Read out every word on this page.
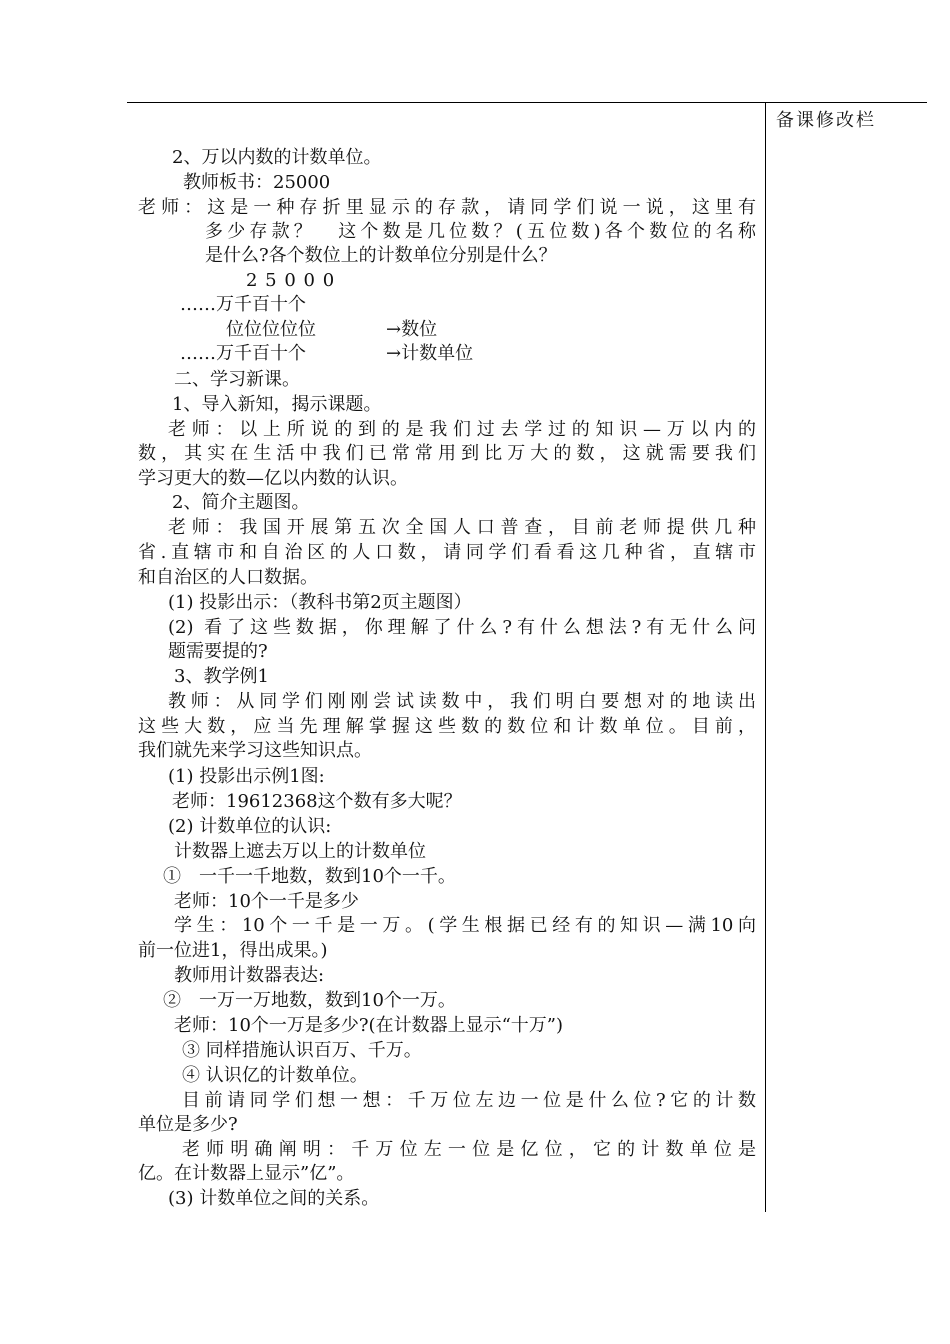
备课修改栏
2、万以内数的计数单位。
教师板书：25000
老师：这是一种存折里显示的存款，请同学们说一说，这里有
多少存款？　这个数是几位数？(五位数)各个数位的名称
是什么?各个数位上的计数单位分别是什么？
2 5 0 0 0
……万千百十个
位位位位位	→数位
……万千百十个	→计数单位
二、学习新课。
1、导入新知，揭示课题。
老师：以上所说的到的是我们过去学过的知识—万以内的
数，其实在生活中我们已常常用到比万大的数，这就需要我们
学习更大的数—亿以内数的认识。
2、简介主题图。
老师：我国开展第五次全国人口普查，目前老师提供几种
省.直辖市和自治区的人口数，请同学们看看这几种省，直辖市
和自治区的人口数据。
(1) 投影出示：（教科书第2页主题图）
(2) 看了这些数据，你理解了什么?有什么想法?有无什么问
题需要提的?
3、教学例1
教师：从同学们刚刚尝试读数中，我们明白要想对的地读出
这些大数，应当先理解掌握这些数的数位和计数单位。目前，
我们就先来学习这些知识点。
(1) 投影出示例1图:
老师：19612368这个数有多大呢？
(2) 计数单位的认识:
计数器上遮去万以上的计数单位
①　一千一千地数，数到10个一千。
老师：10个一千是多少
学生：10个一千是一万。(学生根据已经有的知识—满10向
前一位进1，得出成果。)
教师用计数器表达:
②　一万一万地数，数到10个一万。
老师：10个一万是多少?(在计数器上显示“十万”)
③ 同样措施认识百万、千万。
④ 认识亿的计数单位。
目前请同学们想一想：千万位左边一位是什么位?它的计数
单位是多少?
老师明确阐明：千万位左一位是亿位，它的计数单位是
亿。在计数器上显示”亿”。
(3) 计数单位之间的关系。
